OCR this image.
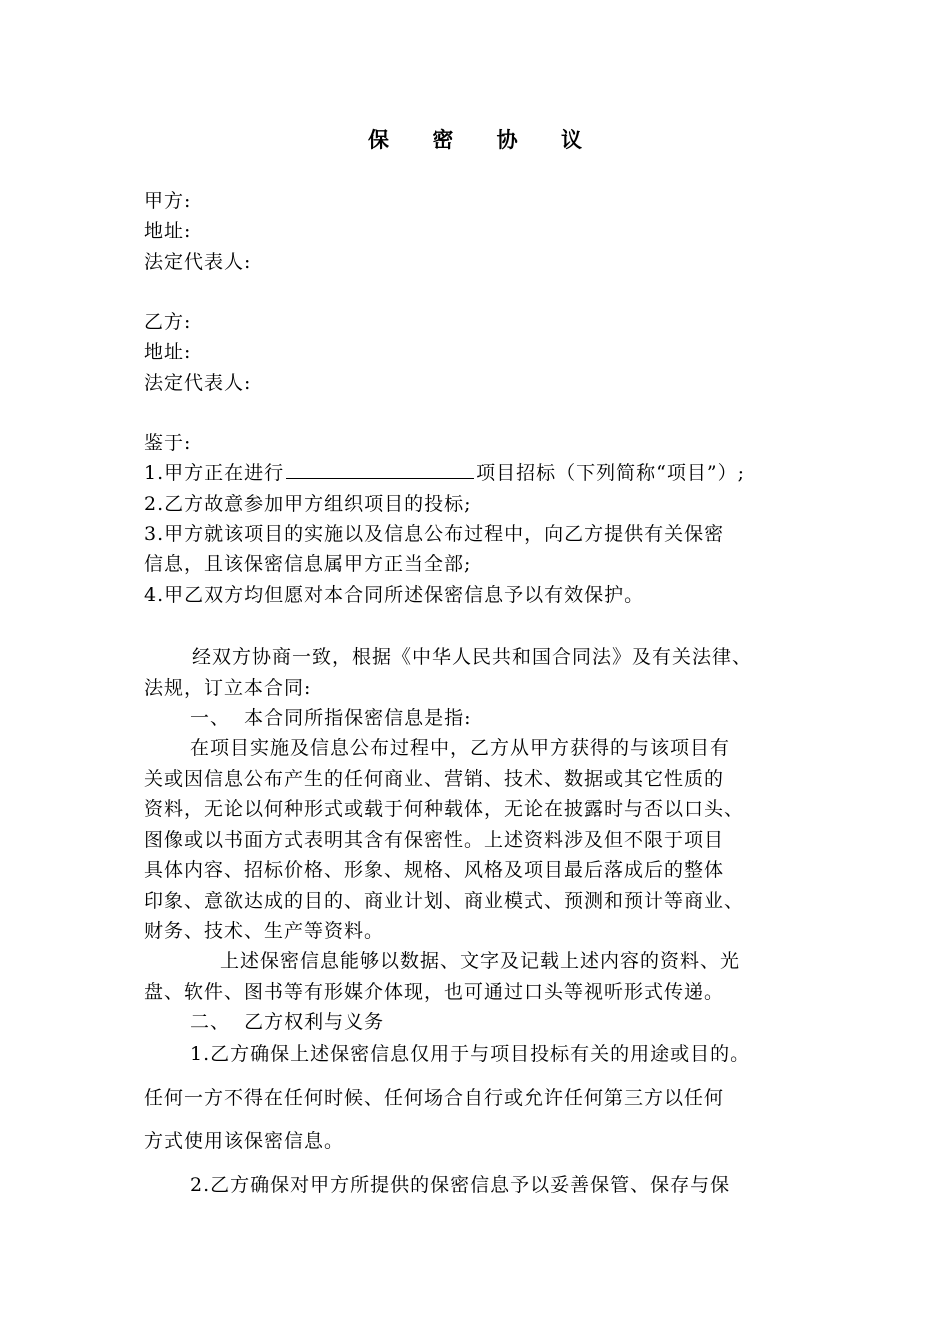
保 密 协 议
甲方:
地址:
法定代表人:
乙方:
地址:
法定代表人:
鉴于:
1.甲方正在进行	项目招标（下列简称“项目”）;
2.乙方故意参加甲方组织项目的投标;
3.甲方就该项目的实施以及信息公布过程中，向乙方提供有关保密
信息，且该保密信息属甲方正当全部;
4.甲乙双方均但愿对本合同所述保密信息予以有效保护。
经双方协商一致，根据《中华人民共和国合同法》及有关法律、
法规，订立本合同:
一、  本合同所指保密信息是指:
在项目实施及信息公布过程中，乙方从甲方获得的与该项目有
关或因信息公布产生的任何商业、营销、技术、数据或其它性质的
资料，无论以何种形式或载于何种载体，无论在披露时与否以口头、
图像或以书面方式表明其含有保密性。上述资料涉及但不限于项目
具体内容、招标价格、形象、规格、风格及项目最后落成后的整体
印象、意欲达成的目的、商业计划、商业模式、预测和预计等商业、
财务、技术、生产等资料。
上述保密信息能够以数据、文字及记载上述内容的资料、光
盘、软件、图书等有形媒介体现，也可通过口头等视听形式传递。
二、  乙方权利与义务
1.乙方确保上述保密信息仅用于与项目投标有关的用途或目的。
任何一方不得在任何时候、任何场合自行或允许任何第三方以任何
方式使用该保密信息。
2.乙方确保对甲方所提供的保密信息予以妥善保管、保存与保
